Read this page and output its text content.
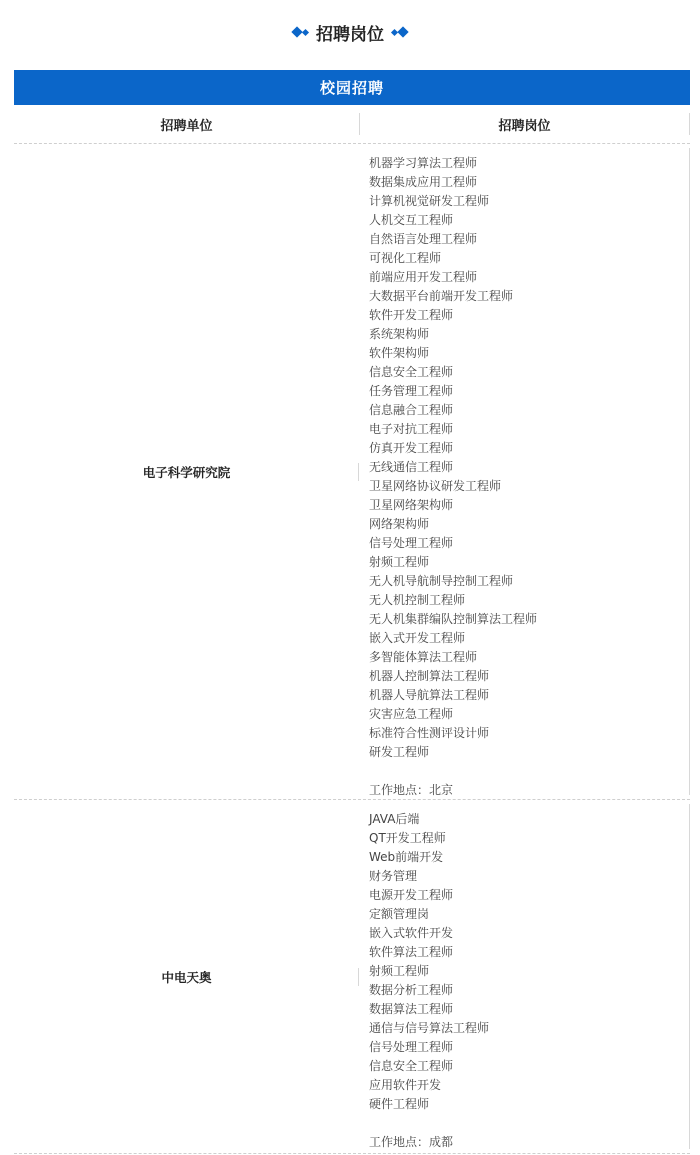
招聘岗位
校园招聘
招聘单位	招聘岗位
电子科学研究院
机器学习算法工程师
数据集成应用工程师
计算机视觉研发工程师
人机交互工程师
自然语言处理工程师
可视化工程师
前端应用开发工程师
大数据平台前端开发工程师
软件开发工程师
系统架构师
软件架构师
信息安全工程师
任务管理工程师
信息融合工程师
电子对抗工程师
仿真开发工程师
无线通信工程师
卫星网络协议研发工程师
卫星网络架构师
网络架构师
信号处理工程师
射频工程师
无人机导航制导控制工程师
无人机控制工程师
无人机集群编队控制算法工程师
嵌入式开发工程师
多智能体算法工程师
机器人控制算法工程师
机器人导航算法工程师
灾害应急工程师
标准符合性测评设计师
研发工程师
工作地点：北京
中电天奥
JAVA后端
QT开发工程师
Web前端开发
财务管理
电源开发工程师
定额管理岗
嵌入式软件开发
软件算法工程师
射频工程师
数据分析工程师
数据算法工程师
通信与信号算法工程师
信号处理工程师
信息安全工程师
应用软件开发
硬件工程师
工作地点：成都
